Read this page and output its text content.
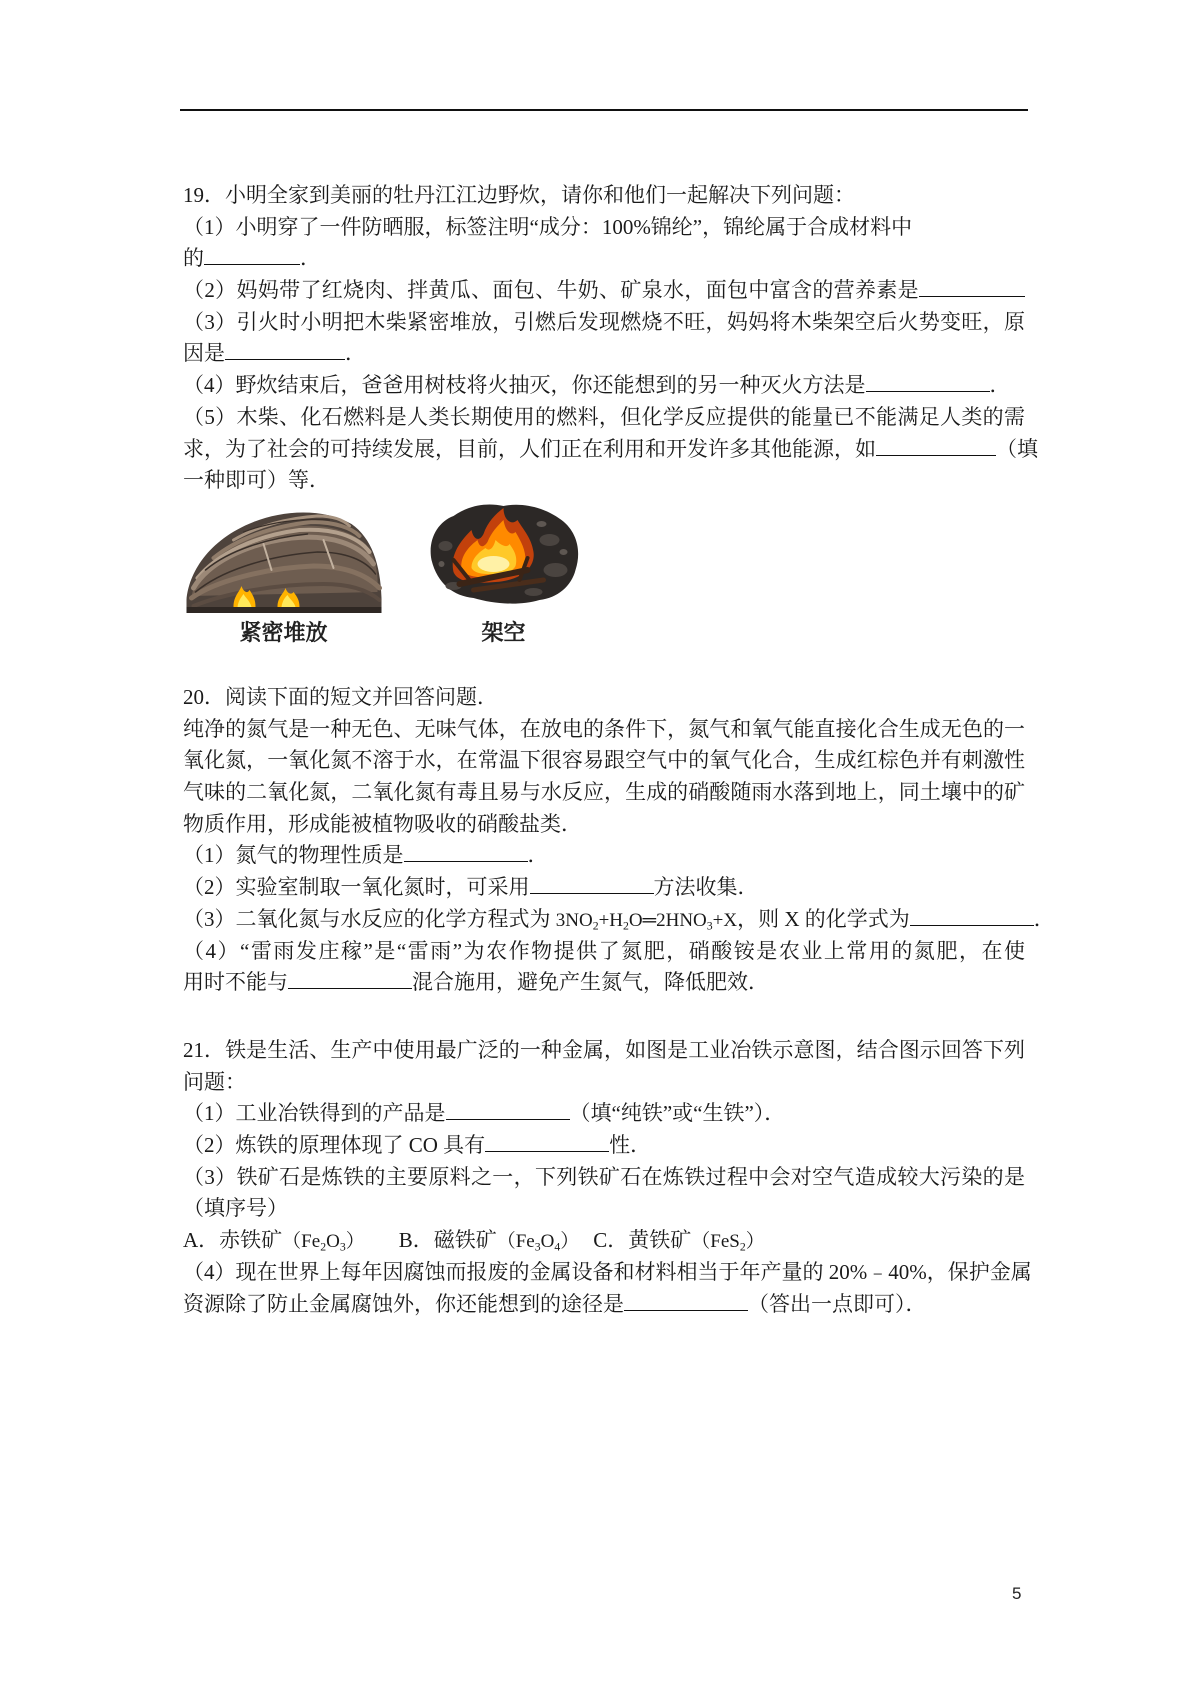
19．小明全家到美丽的牡丹江江边野炊，请你和他们一起解决下列问题：
（1）小明穿了一件防晒服，标签注明“成分：100%锦纶”，锦纶属于合成材料中
的	．
（2）妈妈带了红烧肉、拌黄瓜、面包、牛奶、矿泉水，面包中富含的营养素是
（3）引火时小明把木柴紧密堆放，引燃后发现燃烧不旺，妈妈将木柴架空后火势变旺，原
因是	．
（4）野炊结束后，爸爸用树枝将火抽灭，你还能想到的另一种灭火方法是	．
（5）木柴、化石燃料是人类长期使用的燃料，但化学反应提供的能量已不能满足人类的需
求，为了社会的可持续发展，目前，人们正在利用和开发许多其他能源，如	（填
一种即可）等．
紧密堆放	架空
20．阅读下面的短文并回答问题．
纯净的氮气是一种无色、无味气体，在放电的条件下，氮气和氧气能直接化合生成无色的一
氧化氮，一氧化氮不溶于水，在常温下很容易跟空气中的氧气化合，生成红棕色并有刺激性
气味的二氧化氮，二氧化氮有毒且易与水反应，生成的硝酸随雨水落到地上，同土壤中的矿
物质作用，形成能被植物吸收的硝酸盐类．
（1）氮气的物理性质是	．
（2）实验室制取一氧化氮时，可采用	方法收集．
（3）二氧化氮与水反应的化学方程式为 $3NO_2+H_2O═2HNO_3+X$，则 X 的化学式为	．
（4）“雷雨发庄稼”是“雷雨”为农作物提供了氮肥，硝酸铵是农业上常用的氮肥，在使
用时不能与	混合施用，避免产生氮气，降低肥效．
21．铁是生活、生产中使用最广泛的一种金属，如图是工业冶铁示意图，结合图示回答下列
问题：
（1）工业冶铁得到的产品是	（填“纯铁”或“生铁”）．
（2）炼铁的原理体现了 CO 具有	性．
（3）铁矿石是炼铁的主要原料之一，下列铁矿石在炼铁过程中会对空气造成较大污染的是
（填序号）
A．赤铁矿$(Fe_2O_3)$ B．磁铁矿$(Fe_3O_4)$ C．黄铁矿（FeS$_2$）
（4）现在世界上每年因腐蚀而报废的金属设备和材料相当于年产量的 20%﹣40%，保护金属
资源除了防止金属腐蚀外，你还能想到的途径是	（答出一点即可）．
5
